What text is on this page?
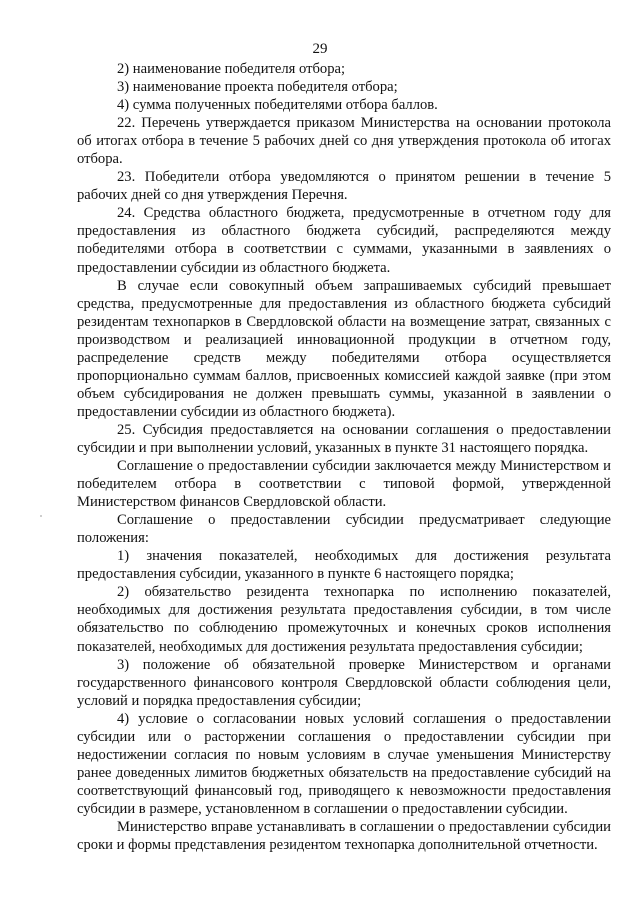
29

2) наименование победителя отбора;

3) наименование проекта победителя отбора;

4) сумма полученных победителями отбора баллов.

22. Перечень утверждается приказом Министерства на основании протокола об итогах отбора в течение 5 рабочих дней со дня утверждения протокола об итогах отбора.

23. Победители отбора уведомляются о принятом решении в течение 5 рабочих дней со дня утверждения Перечня.

24. Средства областного бюджета, предусмотренные в отчетном году для предоставления из областного бюджета субсидий, распределяются между победителями отбора в соответствии с суммами, указанными в заявлениях о предоставлении субсидии из областного бюджета.

В случае если совокупный объем запрашиваемых субсидий превышает средства, предусмотренные для предоставления из областного бюджета субсидий резидентам технопарков в Свердловской области на возмещение затрат, связанных с производством и реализацией инновационной продукции в отчетном году, распределение средств между победителями отбора осуществляется пропорционально суммам баллов, присвоенных комиссией каждой заявке (при этом объем субсидирования не должен превышать суммы, указанной в заявлении о предоставлении субсидии из областного бюджета).

25. Субсидия предоставляется на основании соглашения о предоставлении субсидии и при выполнении условий, указанных в пункте 31 настоящего порядка.

Соглашение о предоставлении субсидии заключается между Министерством и победителем отбора в соответствии с типовой формой, утвержденной Министерством финансов Свердловской области.

Соглашение о предоставлении субсидии предусматривает следующие положения:

1) значения показателей, необходимых для достижения результата предоставления субсидии, указанного в пункте 6 настоящего порядка;

2) обязательство резидента технопарка по исполнению показателей, необходимых для достижения результата предоставления субсидии, в том числе обязательство по соблюдению промежуточных и конечных сроков исполнения показателей, необходимых для достижения результата предоставления субсидии;

3) положение об обязательной проверке Министерством и органами государственного финансового контроля Свердловской области соблюдения цели, условий и порядка предоставления субсидии;

4) условие о согласовании новых условий соглашения о предоставлении субсидии или о расторжении соглашения о предоставлении субсидии при недостижении согласия по новым условиям в случае уменьшения Министерству ранее доведенных лимитов бюджетных обязательств на предоставление субсидий на соответствующий финансовый год, приводящего к невозможности предоставления субсидии в размере, установленном в соглашении о предоставлении субсидии.

Министерство вправе устанавливать в соглашении о предоставлении субсидии сроки и формы представления резидентом технопарка дополнительной отчетности.
